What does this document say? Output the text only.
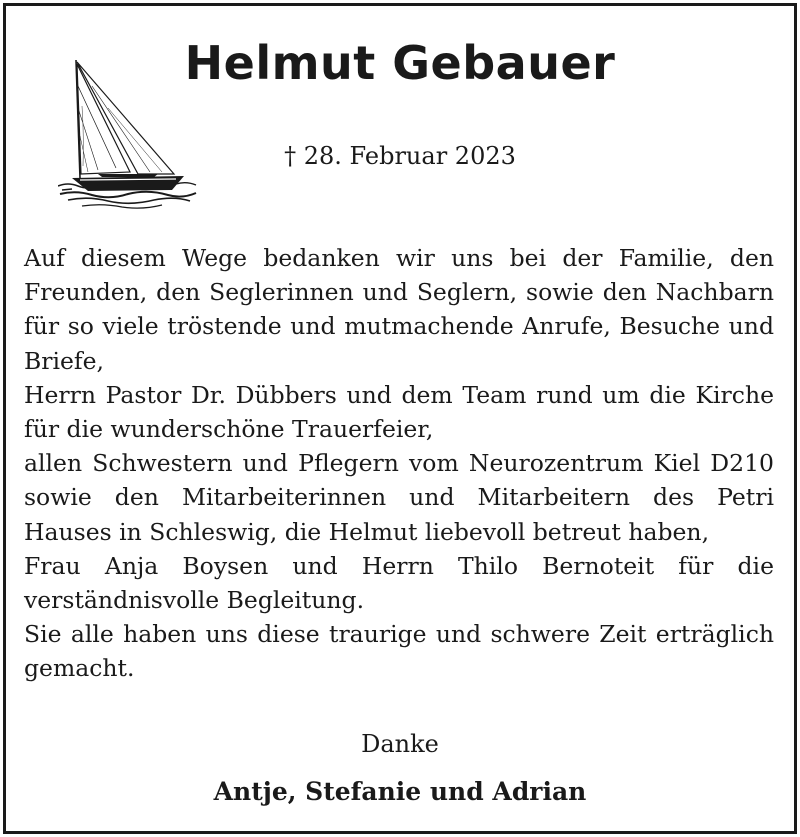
Helmut Gebauer
† 28. Februar 2023

Auf diesem Wege bedanken wir uns bei der Familie, den Freunden, den Seglerinnen und Seglern, sowie den Nachbarn für so viele tröstende und mutmachende Anrufe, Besuche und Briefe,

Herrn Pastor Dr. Dübbers und dem Team rund um die Kirche für die wunderschöne Trauerfeier,

allen Schwestern und Pflegern vom Neurozentrum Kiel D210 sowie den Mitarbeiterinnen und Mitarbeitern des Petri Hauses in Schleswig, die Helmut liebevoll betreut haben,

Frau Anja Boysen und Herrn Thilo Bernoteit für die verständnisvolle Begleitung.

Sie alle haben uns diese traurige und schwere Zeit erträglich gemacht.

Danke
Antje, Stefanie und Adrian
